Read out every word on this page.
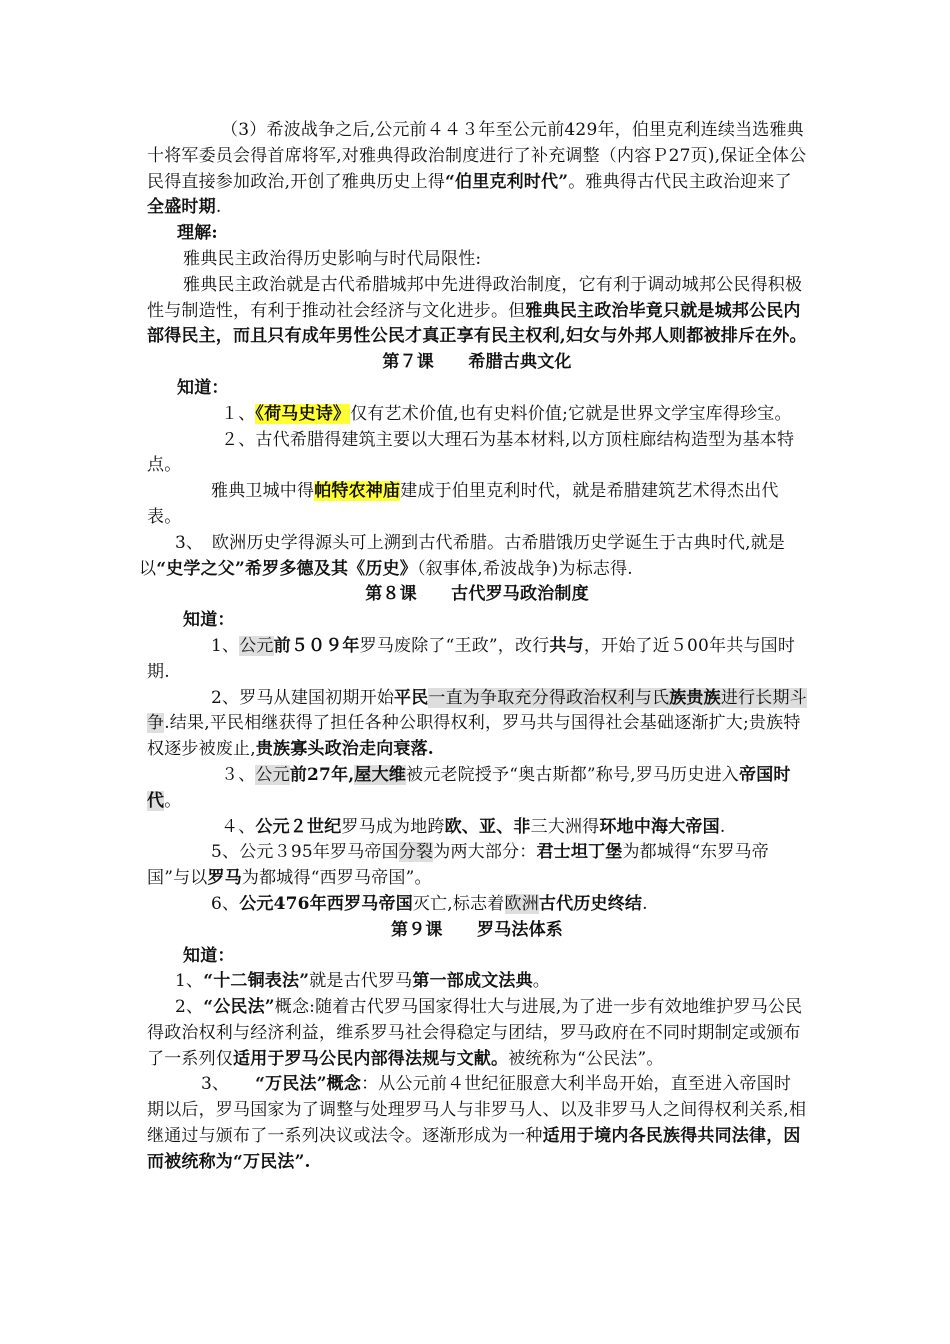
（3）希波战争之后,公元前４４３年至公元前429年，伯里克利连续当选雅典十将军委员会得首席将军,对雅典得政治制度进行了补充调整（内容Ｐ27页),保证全体公民得直接参加政治,开创了雅典历史上得“伯里克利时代”。雅典得古代民主政治迎来了全盛时期.

理解:

雅典民主政治得历史影响与时代局限性:

雅典民主政治就是古代希腊城邦中先进得政治制度，它有利于调动城邦公民得积极性与制造性，有利于推动社会经济与文化进步。但雅典民主政治毕竟只就是城邦公民内部得民主，而且只有成年男性公民才真正享有民主权利,妇女与外邦人则都被排斥在外。

第７课　　希腊古典文化

知道：

１、《荷马史诗》仅有艺术价值,也有史料价值;它就是世界文学宝库得珍宝。

２、古代希腊得建筑主要以大理石为基本材料,以方顶柱廊结构造型为基本特点。

雅典卫城中得帕特农神庙建成于伯里克利时代，就是希腊建筑艺术得杰出代表。

3、　欧洲历史学得源头可上溯到古代希腊。古希腊饿历史学诞生于古典时代,就是以“史学之父”希罗多德及其《历史》（叙事体,希波战争)为标志得.

第８课　　古代罗马政治制度

知道：

1、公元前５０９年罗马废除了“王政”，改行共与，开始了近５00年共与国时期.

2、罗马从建国初期开始平民一直为争取充分得政治权利与氏族贵族进行长期斗争.结果,平民相继获得了担任各种公职得权利，罗马共与国得社会基础逐渐扩大;贵族特权逐步被废止,贵族寡头政治走向衰落.

３、公元前27年,屋大维被元老院授予“奥古斯都”称号,罗马历史进入帝国时代。

４、公元２世纪罗马成为地跨欧、亚、非三大洲得环地中海大帝国.

5、公元３95年罗马帝国分裂为两大部分：君士坦丁堡为都城得“东罗马帝国”与以罗马为都城得“西罗马帝国”。

6、公元476年西罗马帝国灭亡,标志着欧洲古代历史终结.

第９课　　罗马法体系

知道：

1、“十二铜表法”就是古代罗马第一部成文法典。

2、“公民法”概念:随着古代罗马国家得壮大与进展,为了进一步有效地维护罗马公民得政治权利与经济利益，维系罗马社会得稳定与团结，罗马政府在不同时期制定或颁布了一系列仅适用于罗马公民内部得法规与文献。被统称为“公民法”。

3、　　“万民法”概念：从公元前４世纪征服意大利半岛开始，直至进入帝国时期以后，罗马国家为了调整与处理罗马人与非罗马人、以及非罗马人之间得权利关系,相继通过与颁布了一系列决议或法令。逐渐形成为一种适用于境内各民族得共同法律，因而被统称为“万民法”.
